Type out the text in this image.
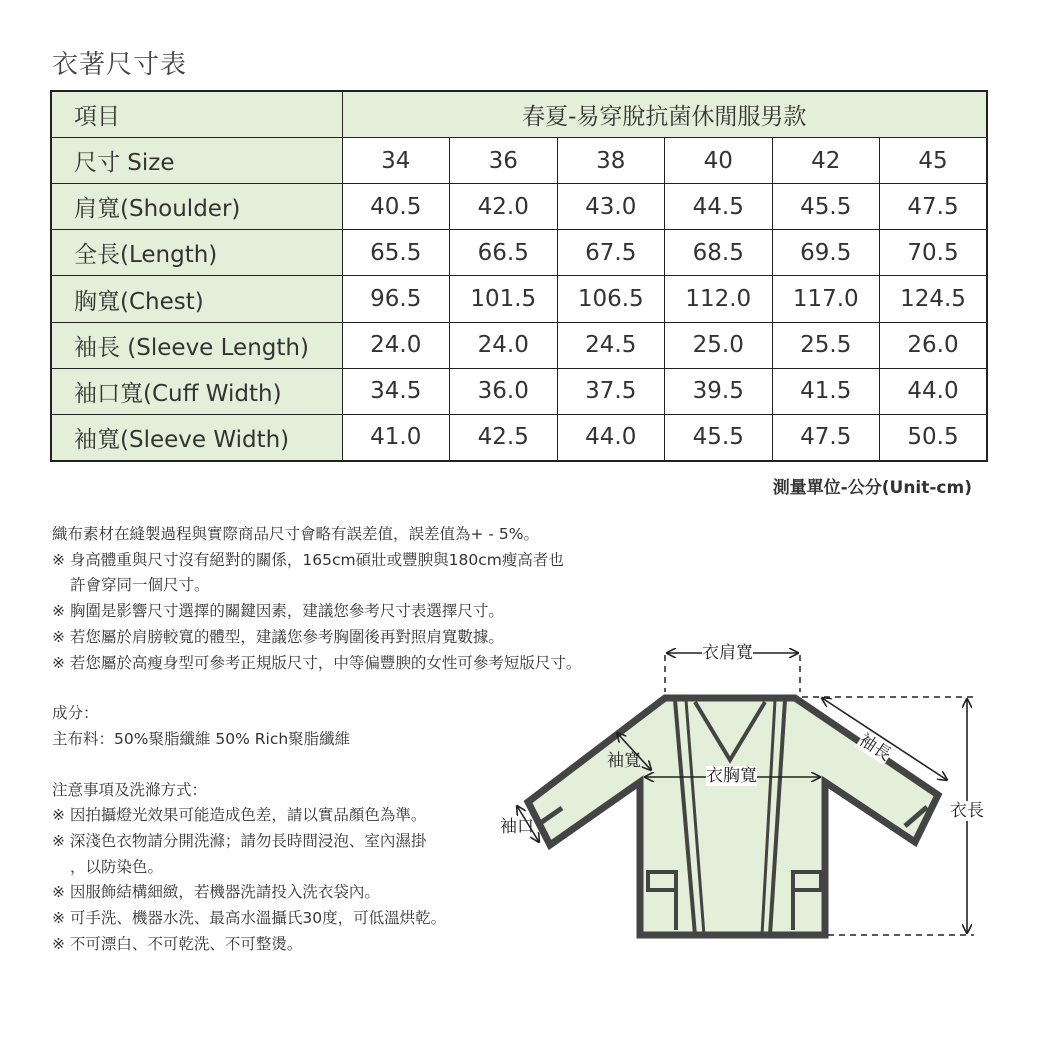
衣著尺寸表
項目	春夏-易穿脫抗菌休閒服男款					
尺寸 Size	34	36	38	40	42	45
肩寬(Shoulder)	40.5	42.0	43.0	44.5	45.5	47.5
全長(Length)	65.5	66.5	67.5	68.5	69.5	70.5
胸寬(Chest)	96.5	101.5	106.5	112.0	117.0	124.5
袖長 (Sleeve Length)	24.0	24.0	24.5	25.0	25.5	26.0
袖口寬(Cuff Width)	34.5	36.0	37.5	39.5	41.5	44.0
袖寬(Sleeve Width)	41.0	42.5	44.0	45.5	47.5	50.5
測量單位-公分(Unit-cm)
織布素材在縫製過程與實際商品尺寸會略有誤差值，誤差值為+ - 5%。
※ 身高體重與尺寸沒有絕對的關係，165cm碩壯或豐腴與180cm瘦高者也
許會穿同一個尺寸。
※ 胸圍是影響尺寸選擇的關鍵因素，建議您參考尺寸表選擇尺寸。
※ 若您屬於肩膀較寬的體型，建議您參考胸圍後再對照肩寬數據。
※ 若您屬於高瘦身型可參考正規版尺寸，中等偏豐腴的女性可參考短版尺寸。
成分：
主布料：50%聚脂纖維 50% Rich聚脂纖維
注意事項及洗滌方式：
※ 因拍攝燈光效果可能造成色差，請以實品顏色為準。
※ 深淺色衣物請分開洗滌；請勿長時間浸泡、室內濕掛
，以防染色。
※ 因服飾結構細緻，若機器洗請投入洗衣袋內。
※ 可手洗、機器水洗、最高水溫攝氏30度，可低溫烘乾。
※ 不可漂白、不可乾洗、不可整燙。
衣肩寬
袖長
袖寬
衣胸寬
袖口
衣長
